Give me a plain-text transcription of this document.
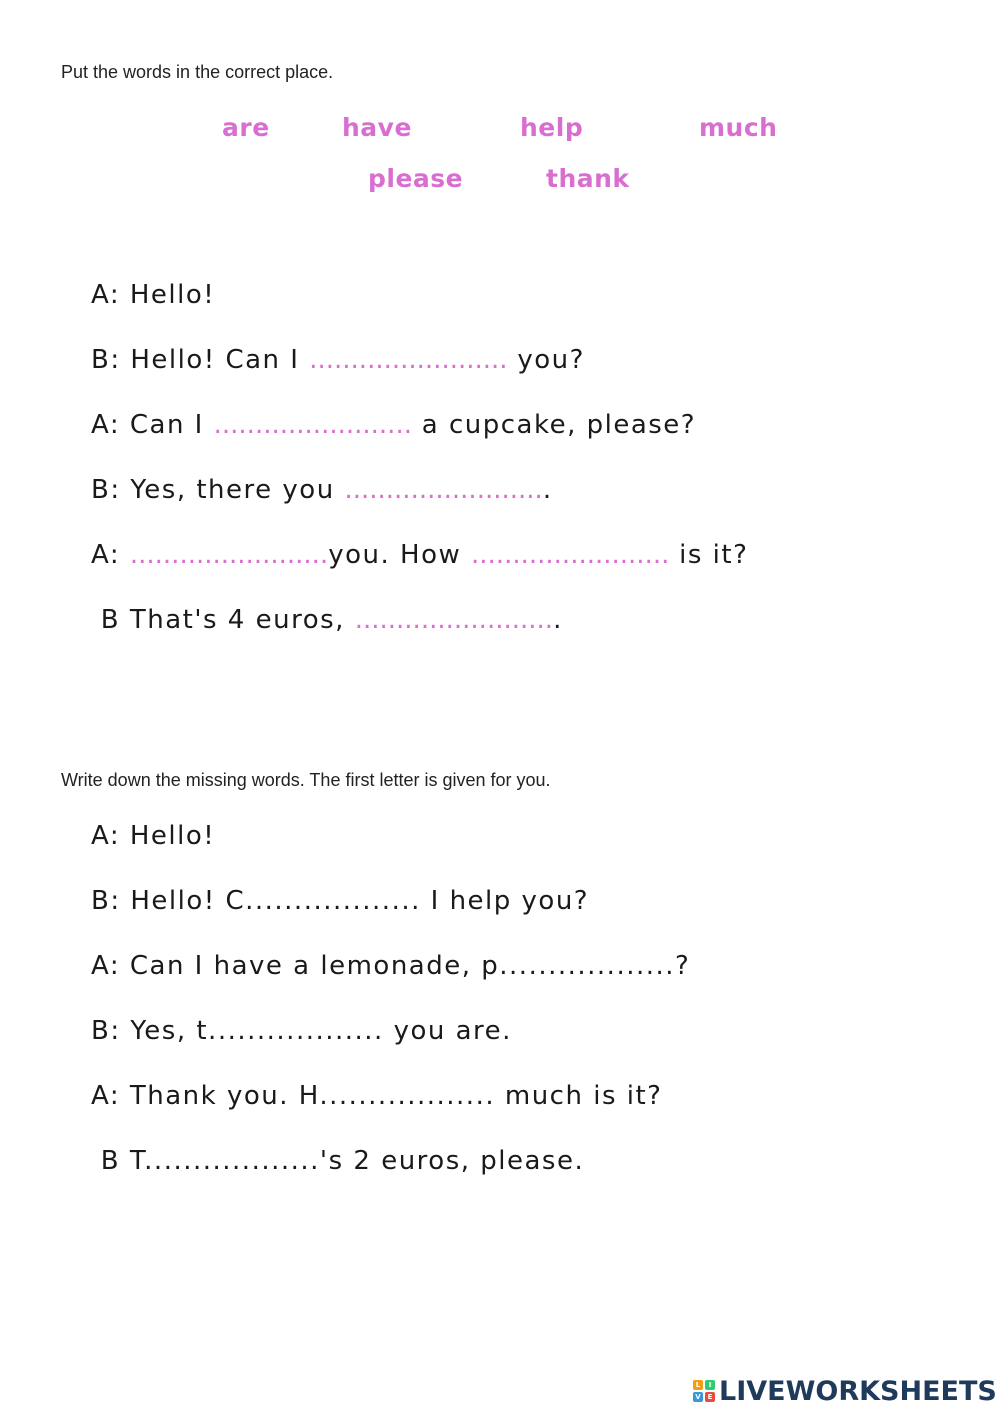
Put the words in the correct place.
are	have	help	much
please	thank
A: Hello!
B: Hello! Can I ........................ you?
A: Can I ........................ a cupcake, please?
B: Yes, there you .........................
A: ........................you. How ........................ is it?
B That's 4 euros, .........................
Write down the missing words. The first letter is given for you.
A: Hello!
B: Hello! C.................. I help you?
A: Can I have a lemonade, p..................?
B: Yes, t.................. you are.
A: Thank you. H.................. much is it?
B T..................'s 2 euros, please.
L	I
V E LIVEWORKSHEETS
